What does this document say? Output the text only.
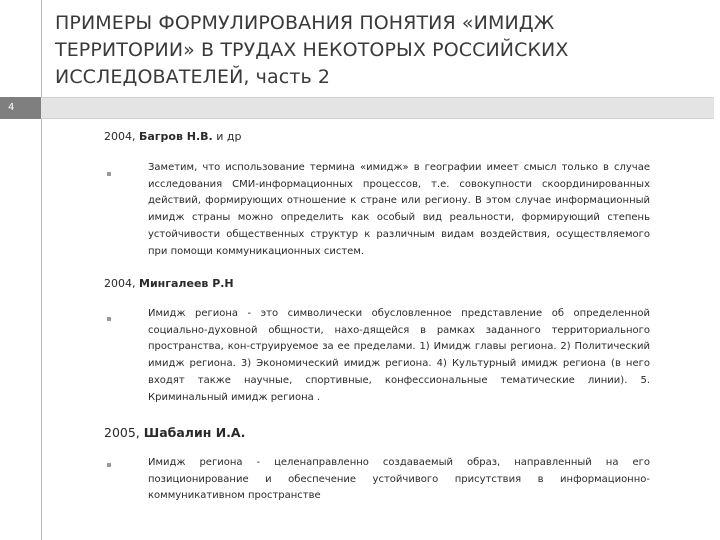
ПРИМЕРЫ ФОРМУЛИРОВАНИЯ ПОНЯТИЯ «ИМИДЖ ТЕРРИТОРИИ» В ТРУДАХ НЕКОТОРЫХ РОССИЙСКИХ ИССЛЕДОВАТЕЛЕЙ, часть 2
4
2004, Багров Н.В. и др
Заметим, что использование термина «имидж» в географии имеет смысл только в случае исследования СМИ-информационных процессов, т.е. совокупности скоординированных действий, формирующих отношение к стране или региону. В этом случае информационный имидж страны можно определить как особый вид реальности, формирующий степень устойчивости общественных структур к различным видам воздействия, осуществляемого при помощи коммуникационных систем.
2004, Мингалеев Р.Н
Имидж региона - это символически обусловленное представление об определенной социально-духовной общности, нахо-дящейся в рамках заданного территориального пространства, кон-струируемое за ее пределами. 1) Имидж главы региона. 2) Политический имидж региона. 3) Экономический имидж региона. 4) Культурный имидж региона (в него входят также научные, спортивные, конфессиональные тематические линии). 5. Криминальный имидж региона .
2005, Шабалин И.А.
Имидж региона - целенаправленно создаваемый образ, направленный на его позиционирование и обеспечение устойчивого присутствия в информационно-коммуникативном пространстве
